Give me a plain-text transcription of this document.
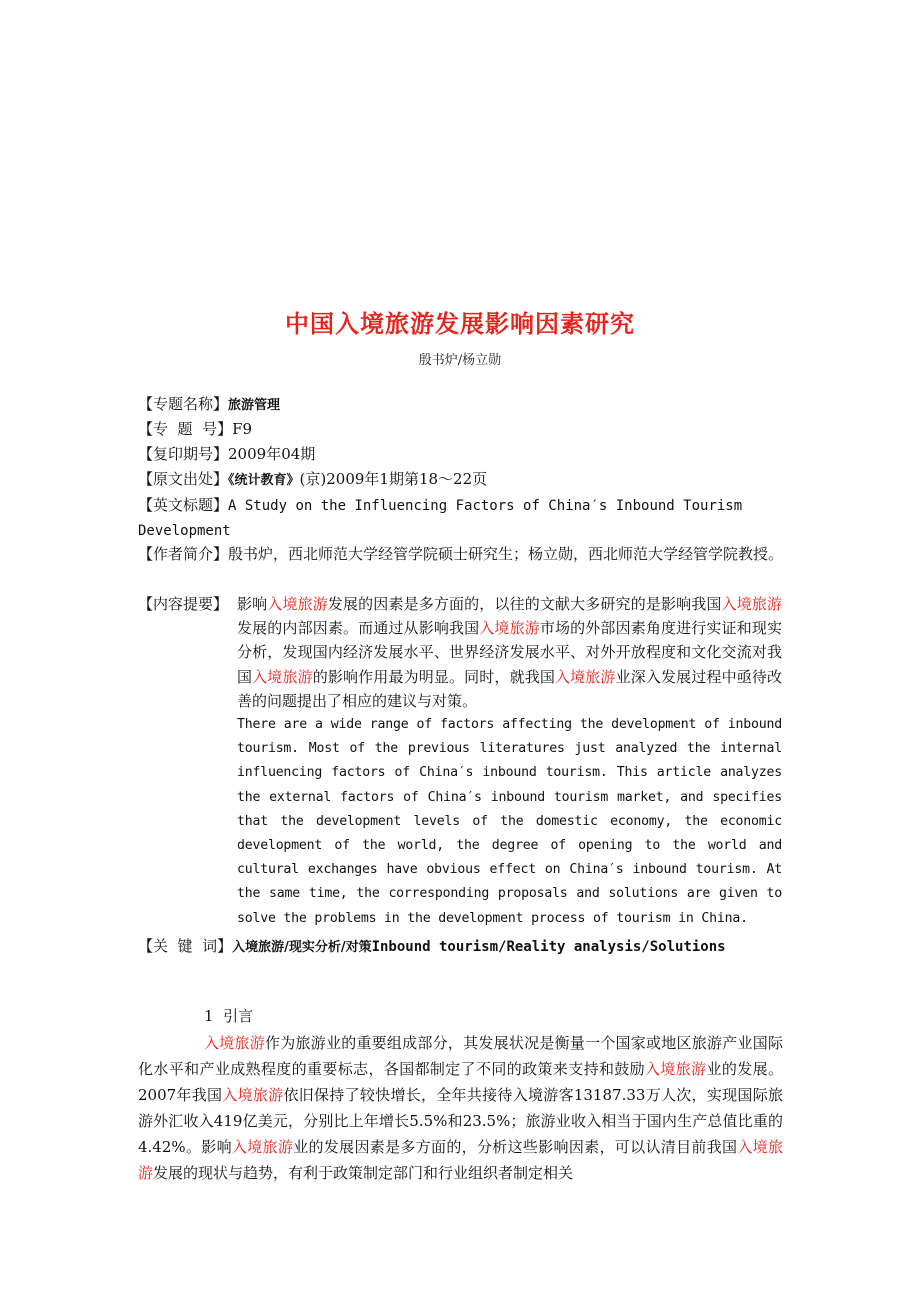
中国入境旅游发展影响因素研究
殷书炉/杨立勋
【专题名称】旅游管理
【专  题  号】F9
【复印期号】2009年04期
【原文出处】《统计教育》(京)2009年1期第18～22页
【英文标题】A Study on the Influencing Factors of China′s Inbound Tourism Development
【作者简介】殷书炉，西北师范大学经管学院硕士研究生；杨立勋，西北师范大学经管学院教授。
【内容提要】 影响入境旅游发展的因素是多方面的，以往的文献大多研究的是影响我国入境旅游发展的内部因素。而通过从影响我国入境旅游市场的外部因素角度进行实证和现实分析，发现国内经济发展水平、世界经济发展水平、对外开放程度和文化交流对我国入境旅游的影响作用最为明显。同时，就我国入境旅游业深入发展过程中亟待改善的问题提出了相应的建议与对策。
There are a wide range of factors affecting the development of inbound tourism. Most of the previous literatures just analyzed the internal influencing factors of China′s inbound tourism. This article analyzes the external factors of China′s inbound tourism market, and specifies that the development levels of the domestic economy, the economic development of the world, the degree of opening to the world and cultural exchanges have obvious effect on China′s inbound tourism. At the same time, the corresponding proposals and solutions are given to solve the problems in the development process of tourism in China.
【关  键  词】入境旅游/现实分析/对策Inbound tourism/Reality analysis/Solutions
1  引言
入境旅游作为旅游业的重要组成部分，其发展状况是衡量一个国家或地区旅游产业国际化水平和产业成熟程度的重要标志，各国都制定了不同的政策来支持和鼓励入境旅游业的发展。2007年我国入境旅游依旧保持了较快增长，全年共接待入境游客13187.33万人次，实现国际旅游外汇收入419亿美元，分别比上年增长5.5%和23.5%；旅游业收入相当于国内生产总值比重的4.42%。影响入境旅游业的发展因素是多方面的，分析这些影响因素，可以认清目前我国入境旅游发展的现状与趋势，有利于政策制定部门和行业组织者制定相关
